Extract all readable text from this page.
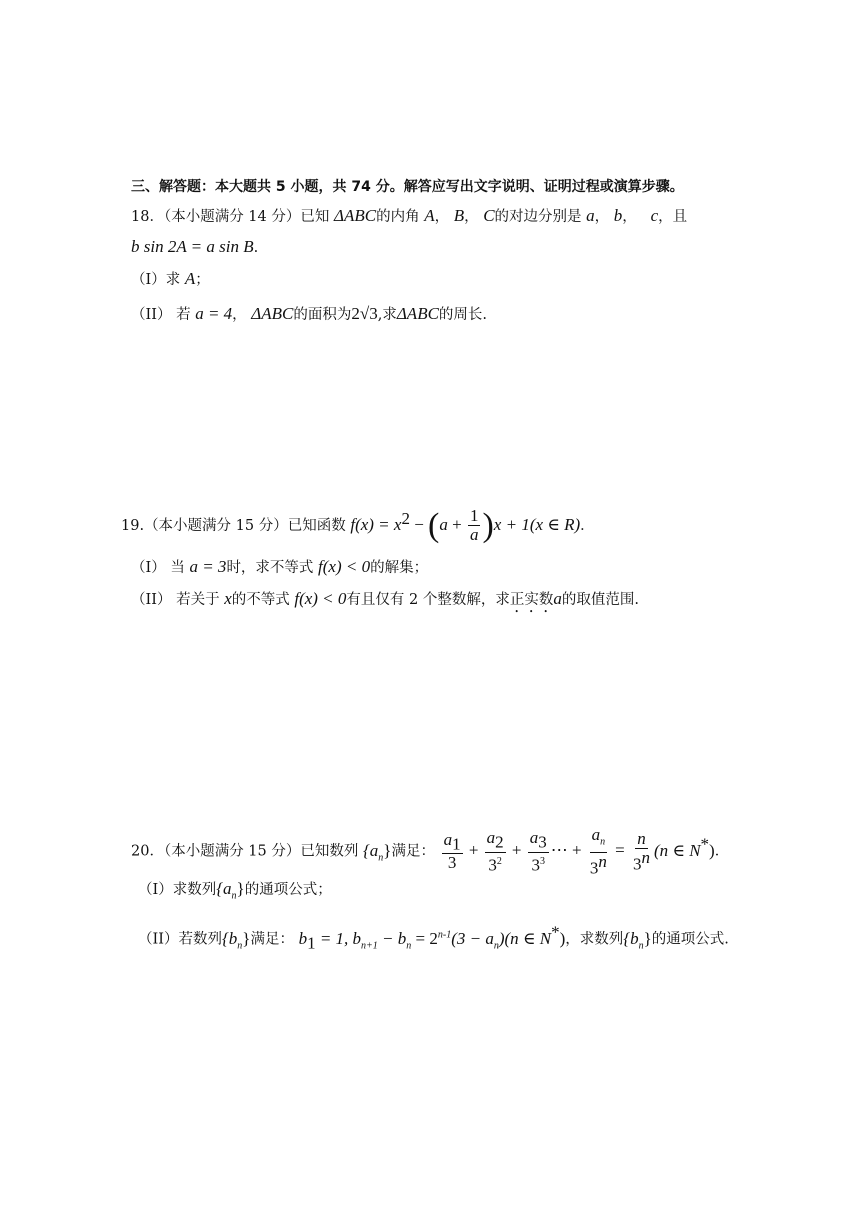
三、解答题：本大题共 5 小题，共 74 分。解答应写出文字说明、证明过程或演算步骤。
18．（本小题满分 14 分）已知 ΔABC的内角 A， B， C的对边分别是 a， b， c，且
b sin 2A = a sin B.
（I）求 A；
（II） 若 a = 4， ΔABC的面积为2√3,求ΔABC的周长.
19.（本小题满分 15 分）已知函数 $f(x) = x^2 - (a + \frac{1}{a} )x + 1(x$ ∈ R)．
（I） 当 a = 3时，求不等式 f(x) < 0的解集；
（II） 若关于 x的不等式 f(x) < 0有且仅有 2 个整数解，求正实数a的取值范围.
20．（本小题满分 15 分）已知数列 $\{a_n\}$满足： $\frac{a_1}{3} + \frac{a_2}{3^2} + \frac{a_3}{3^3}$ ⋯ + $\frac{a_n}{3^n} = \frac{n}{3^n} (n$ ∈ N*)．
（I）求数列$\{a_n\}$的通项公式；
（II）若数列$\{b_n\}$满足： $b_1 = 1$, $b_{n+1} - b_n = 2^{n-1}(3 - a_n)(n$ ∈ N*)，求数列$\{b_n\}$的通项公式.
